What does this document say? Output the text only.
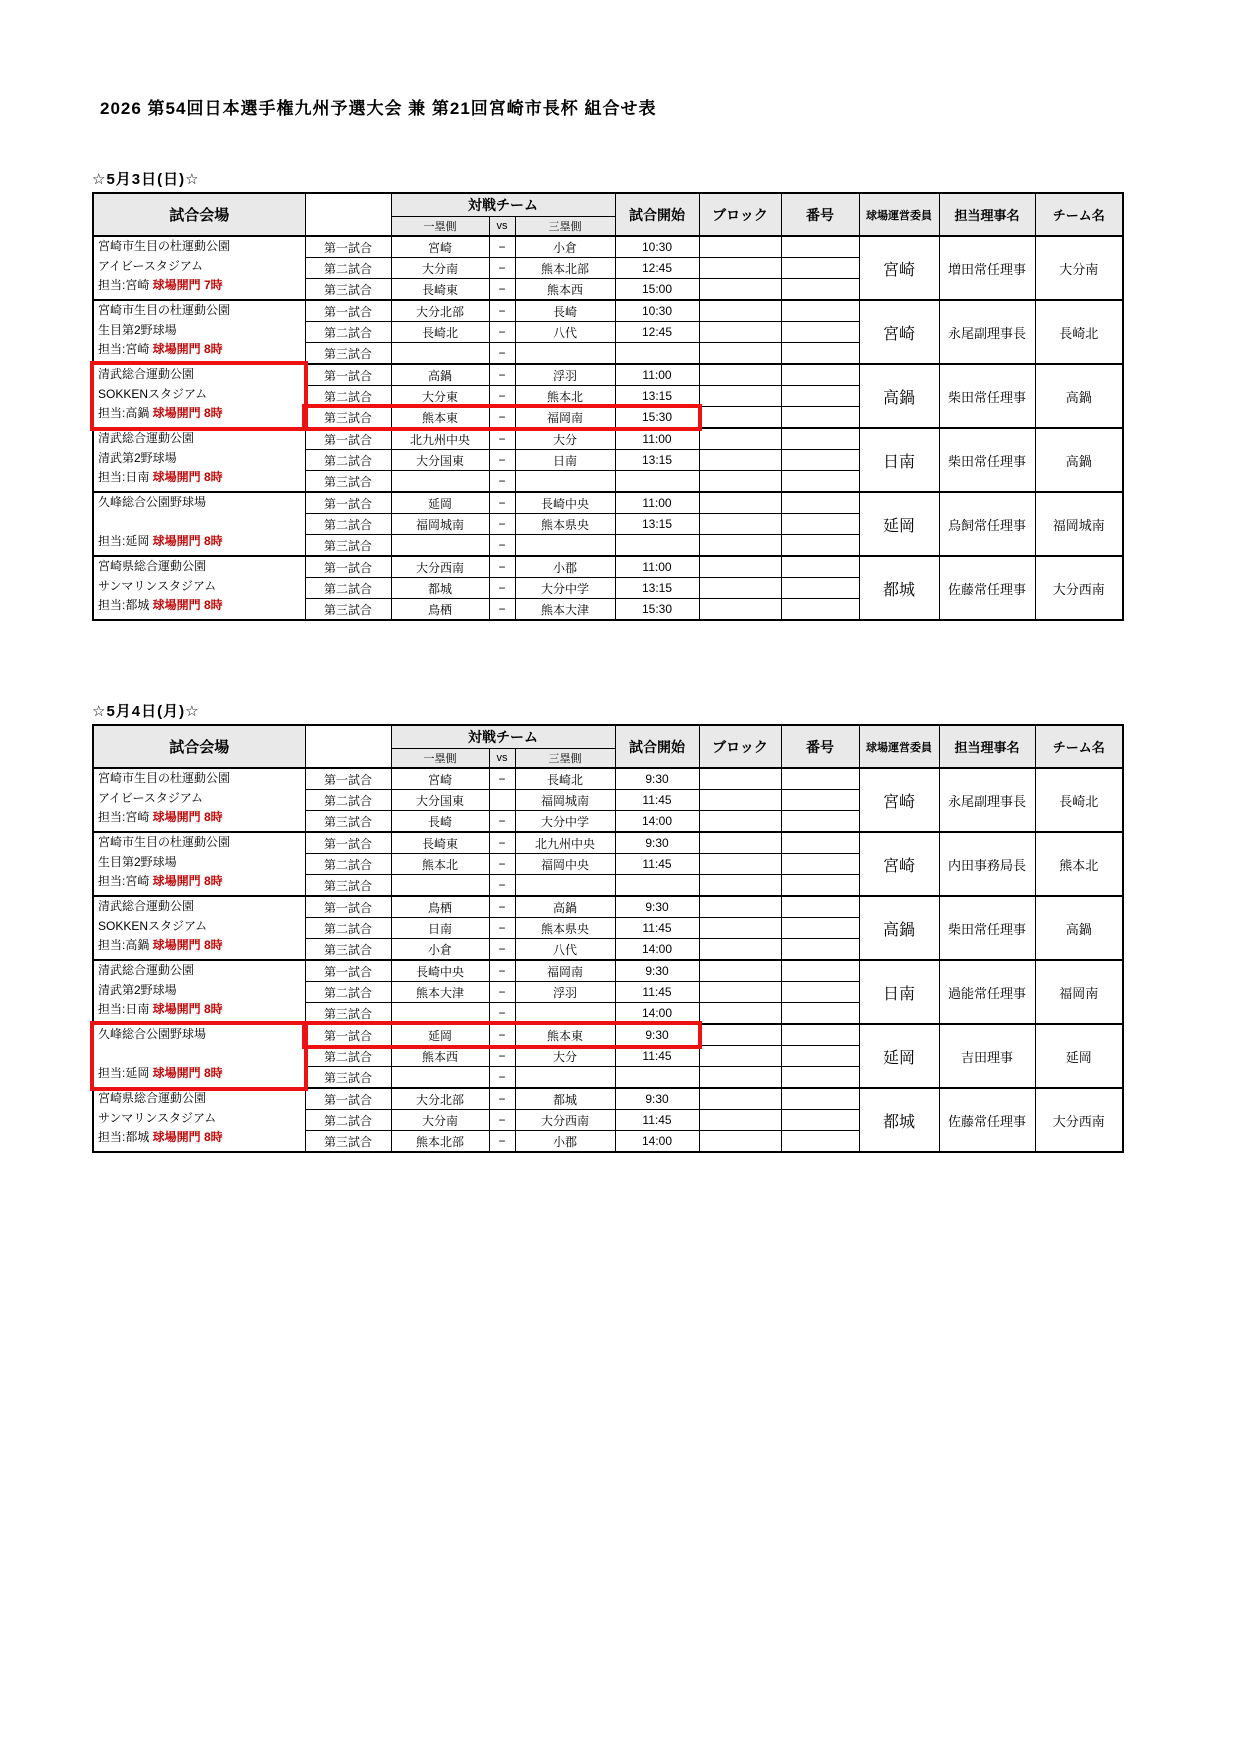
2026 第54回日本選手権九州予選大会 兼 第21回宮崎市長杯 組合せ表
☆5月3日(日)☆
試合会場		対戦チーム			試合開始	ブロック	番号	球場運営委員	担当理事名	チーム名
		一塁側	vs	三塁側						

宮崎市生目の杜運動公園
アイビースタジアム
担当:宮崎 球場開門 7時	第一試合	宮崎	−	小倉	10:30			宮崎	増田常任理事	大分南
	第二試合	大分南	−	熊本北部	12:45					
	第三試合	長崎東	−	熊本西	15:00					

宮崎市生目の杜運動公園
生目第2野球場
担当:宮崎 球場開門 8時	第一試合	大分北部	−	長崎	10:30			宮崎	永尾副理事長	長崎北
	第二試合	長崎北	−	八代	12:45					
	第三試合		−							

清武総合運動公園
SOKKENスタジアム
担当:高鍋 球場開門 8時	第一試合	高鍋	−	浮羽	11:00			高鍋	柴田常任理事	高鍋
	第二試合	大分東	−	熊本北	13:15					
	第三試合	熊本東	−	福岡南	15:30					

清武総合運動公園
清武第2野球場
担当:日南 球場開門 8時	第一試合	北九州中央	−	大分	11:00			日南	柴田常任理事	高鍋
	第二試合	大分国東	−	日南	13:15					
	第三試合		−							

久峰総合公園野球場
担当:延岡 球場開門 8時	第一試合	延岡	−	長崎中央	11:00			延岡	烏飼常任理事	福岡城南
	第二試合	福岡城南	−	熊本県央	13:15					
	第三試合		−							

宮崎県総合運動公園
サンマリンスタジアム
担当:都城 球場開門 8時	第一試合	大分西南	−	小郡	11:00			都城	佐藤常任理事	大分西南
	第二試合	都城	−	大分中学	13:15					
	第三試合	鳥栖	−	熊本大津	15:30					
☆5月4日(月)☆
試合会場		対戦チーム			試合開始	ブロック	番号	球場運営委員	担当理事名	チーム名
		一塁側	vs	三塁側						

宮崎市生目の杜運動公園
アイビースタジアム
担当:宮崎 球場開門 8時	第一試合	宮崎	−	長崎北	9:30			宮崎	永尾副理事長	長崎北
	第二試合	大分国東		福岡城南	11:45					
	第三試合	長崎	−	大分中学	14:00					

宮崎市生目の杜運動公園
生目第2野球場
担当:宮崎 球場開門 8時	第一試合	長崎東	−	北九州中央	9:30			宮崎	内田事務局長	熊本北
	第二試合	熊本北	−	福岡中央	11:45					
	第三試合		−							

清武総合運動公園
SOKKENスタジアム
担当:高鍋 球場開門 8時	第一試合	鳥栖	−	高鍋	9:30			高鍋	柴田常任理事	高鍋
	第二試合	日南	−	熊本県央	11:45					
	第三試合	小倉	−	八代	14:00					

清武総合運動公園
清武第2野球場
担当:日南 球場開門 8時	第一試合	長崎中央	−	福岡南	9:30			日南	過能常任理事	福岡南
	第二試合	熊本大津	−	浮羽	11:45					
	第三試合		−		14:00					

久峰総合公園野球場
担当:延岡 球場開門 8時	第一試合	延岡	−	熊本東	9:30			延岡	吉田理事	延岡
	第二試合	熊本西	−	大分	11:45					
	第三試合		−							

宮崎県総合運動公園
サンマリンスタジアム
担当:都城 球場開門 8時	第一試合	大分北部	−	都城	9:30			都城	佐藤常任理事	大分西南
	第二試合	大分南	−	大分西南	11:45					
	第三試合	熊本北部	−	小郡	14:00					
